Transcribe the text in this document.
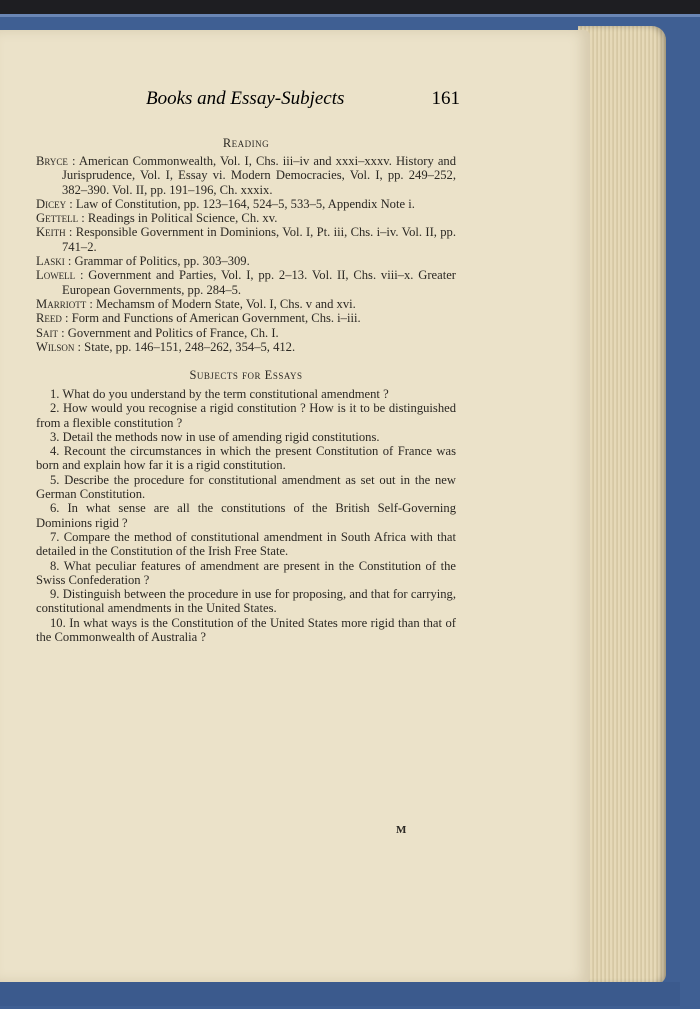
Books and Essay-Subjects	161
Reading
Bryce : American Commonwealth, Vol. I, Chs. iii–iv and xxxi–xxxv. History and Jurisprudence, Vol. I, Essay vi. Modern Democracies, Vol. I, pp. 249–252, 382–390. Vol. II, pp. 191–196, Ch. xxxix.
Dicey : Law of Constitution, pp. 123–164, 524–5, 533–5, Appendix Note i.
Gettell : Readings in Political Science, Ch. xv.
Keith : Responsible Government in Dominions, Vol. I, Pt. iii, Chs. i–iv. Vol. II, pp. 741–2.
Laski : Grammar of Politics, pp. 303–309.
Lowell : Government and Parties, Vol. I, pp. 2–13. Vol. II, Chs. viii–x. Greater European Governments, pp. 284–5.
Marriott : Mechamsm of Modern State, Vol. I, Chs. v and xvi.
Reed : Form and Functions of American Government, Chs. i–iii.
Sait : Government and Politics of France, Ch. I.
Wilson : State, pp. 146–151, 248–262, 354–5, 412.
Subjects for Essays
1. What do you understand by the term constitutional amendment ?
2. How would you recognise a rigid constitution ? How is it to be distinguished from a flexible constitution ?
3. Detail the methods now in use of amending rigid constitutions.
4. Recount the circumstances in which the present Constitution of France was born and explain how far it is a rigid constitution.
5. Describe the procedure for constitutional amendment as set out in the new German Constitution.
6. In what sense are all the constitutions of the British Self-Governing Dominions rigid ?
7. Compare the method of constitutional amendment in South Africa with that detailed in the Constitution of the Irish Free State.
8. What peculiar features of amendment are present in the Constitution of the Swiss Confederation ?
9. Distinguish between the procedure in use for proposing, and that for carrying, constitutional amendments in the United States.
10. In what ways is the Constitution of the United States more rigid than that of the Commonwealth of Australia ?
M
